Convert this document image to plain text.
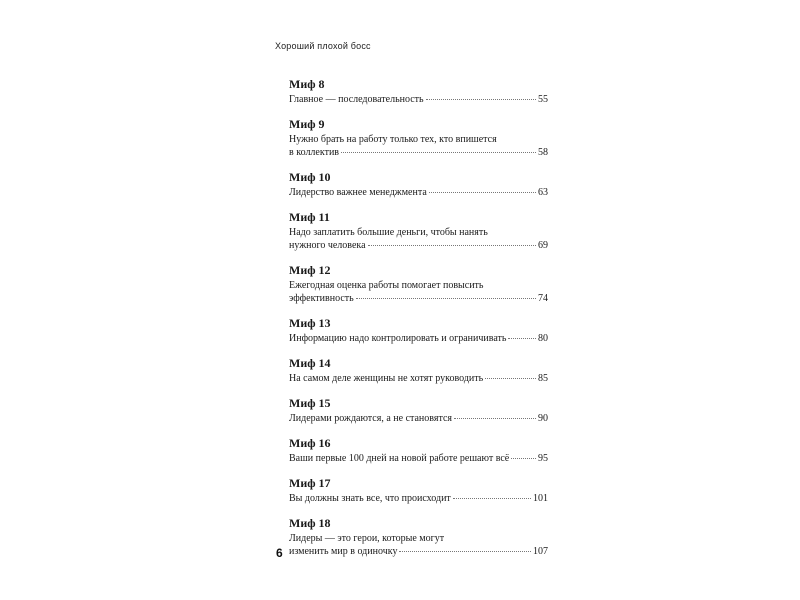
Хороший плохой босс
Миф 8
Главное — последовательность	55
Миф 9
Нужно брать на работу только тех, кто впишется
в коллектив	58
Миф 10
Лидерство важнее менеджмента	63
Миф 11
Надо заплатить большие деньги, чтобы нанять
нужного человека	69
Миф 12
Ежегодная оценка работы помогает повысить
эффективность	74
Миф 13
Информацию надо контролировать и ограничивать	80
Миф 14
На самом деле женщины не хотят руководить	85
Миф 15
Лидерами рождаются, а не становятся	90
Миф 16
Ваши первые 100 дней на новой работе решают всё	95
Миф 17
Вы должны знать все, что происходит	101
Миф 18
Лидеры — это герои, которые могут
изменить мир в одиночку	107
6
